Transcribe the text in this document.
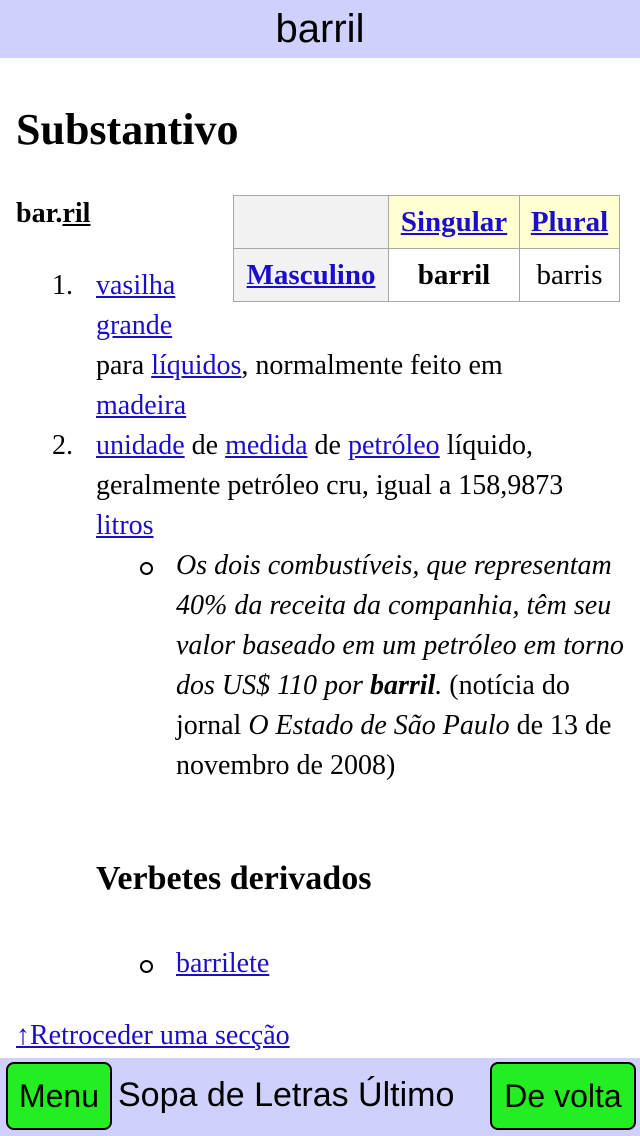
barril
Substantivo
bar.ril
		Singular	Plural
Masculino	barril	barris
1. vasilha
grande
para líquidos, normalmente feito em
madeira
2. unidade de medida de petróleo líquido, geralmente petróleo cru, igual a 158,9873 litros
Os dois combustíveis, que representam 40% da receita da companhia, têm seu valor baseado em um petróleo em torno dos US$ 110 por barril. (notícia do jornal O Estado de São Paulo de 13 de novembro de 2008)
Verbetes derivados
barrilete
↑Retroceder uma secção
Menu Sopa de Letras Último	De volta
